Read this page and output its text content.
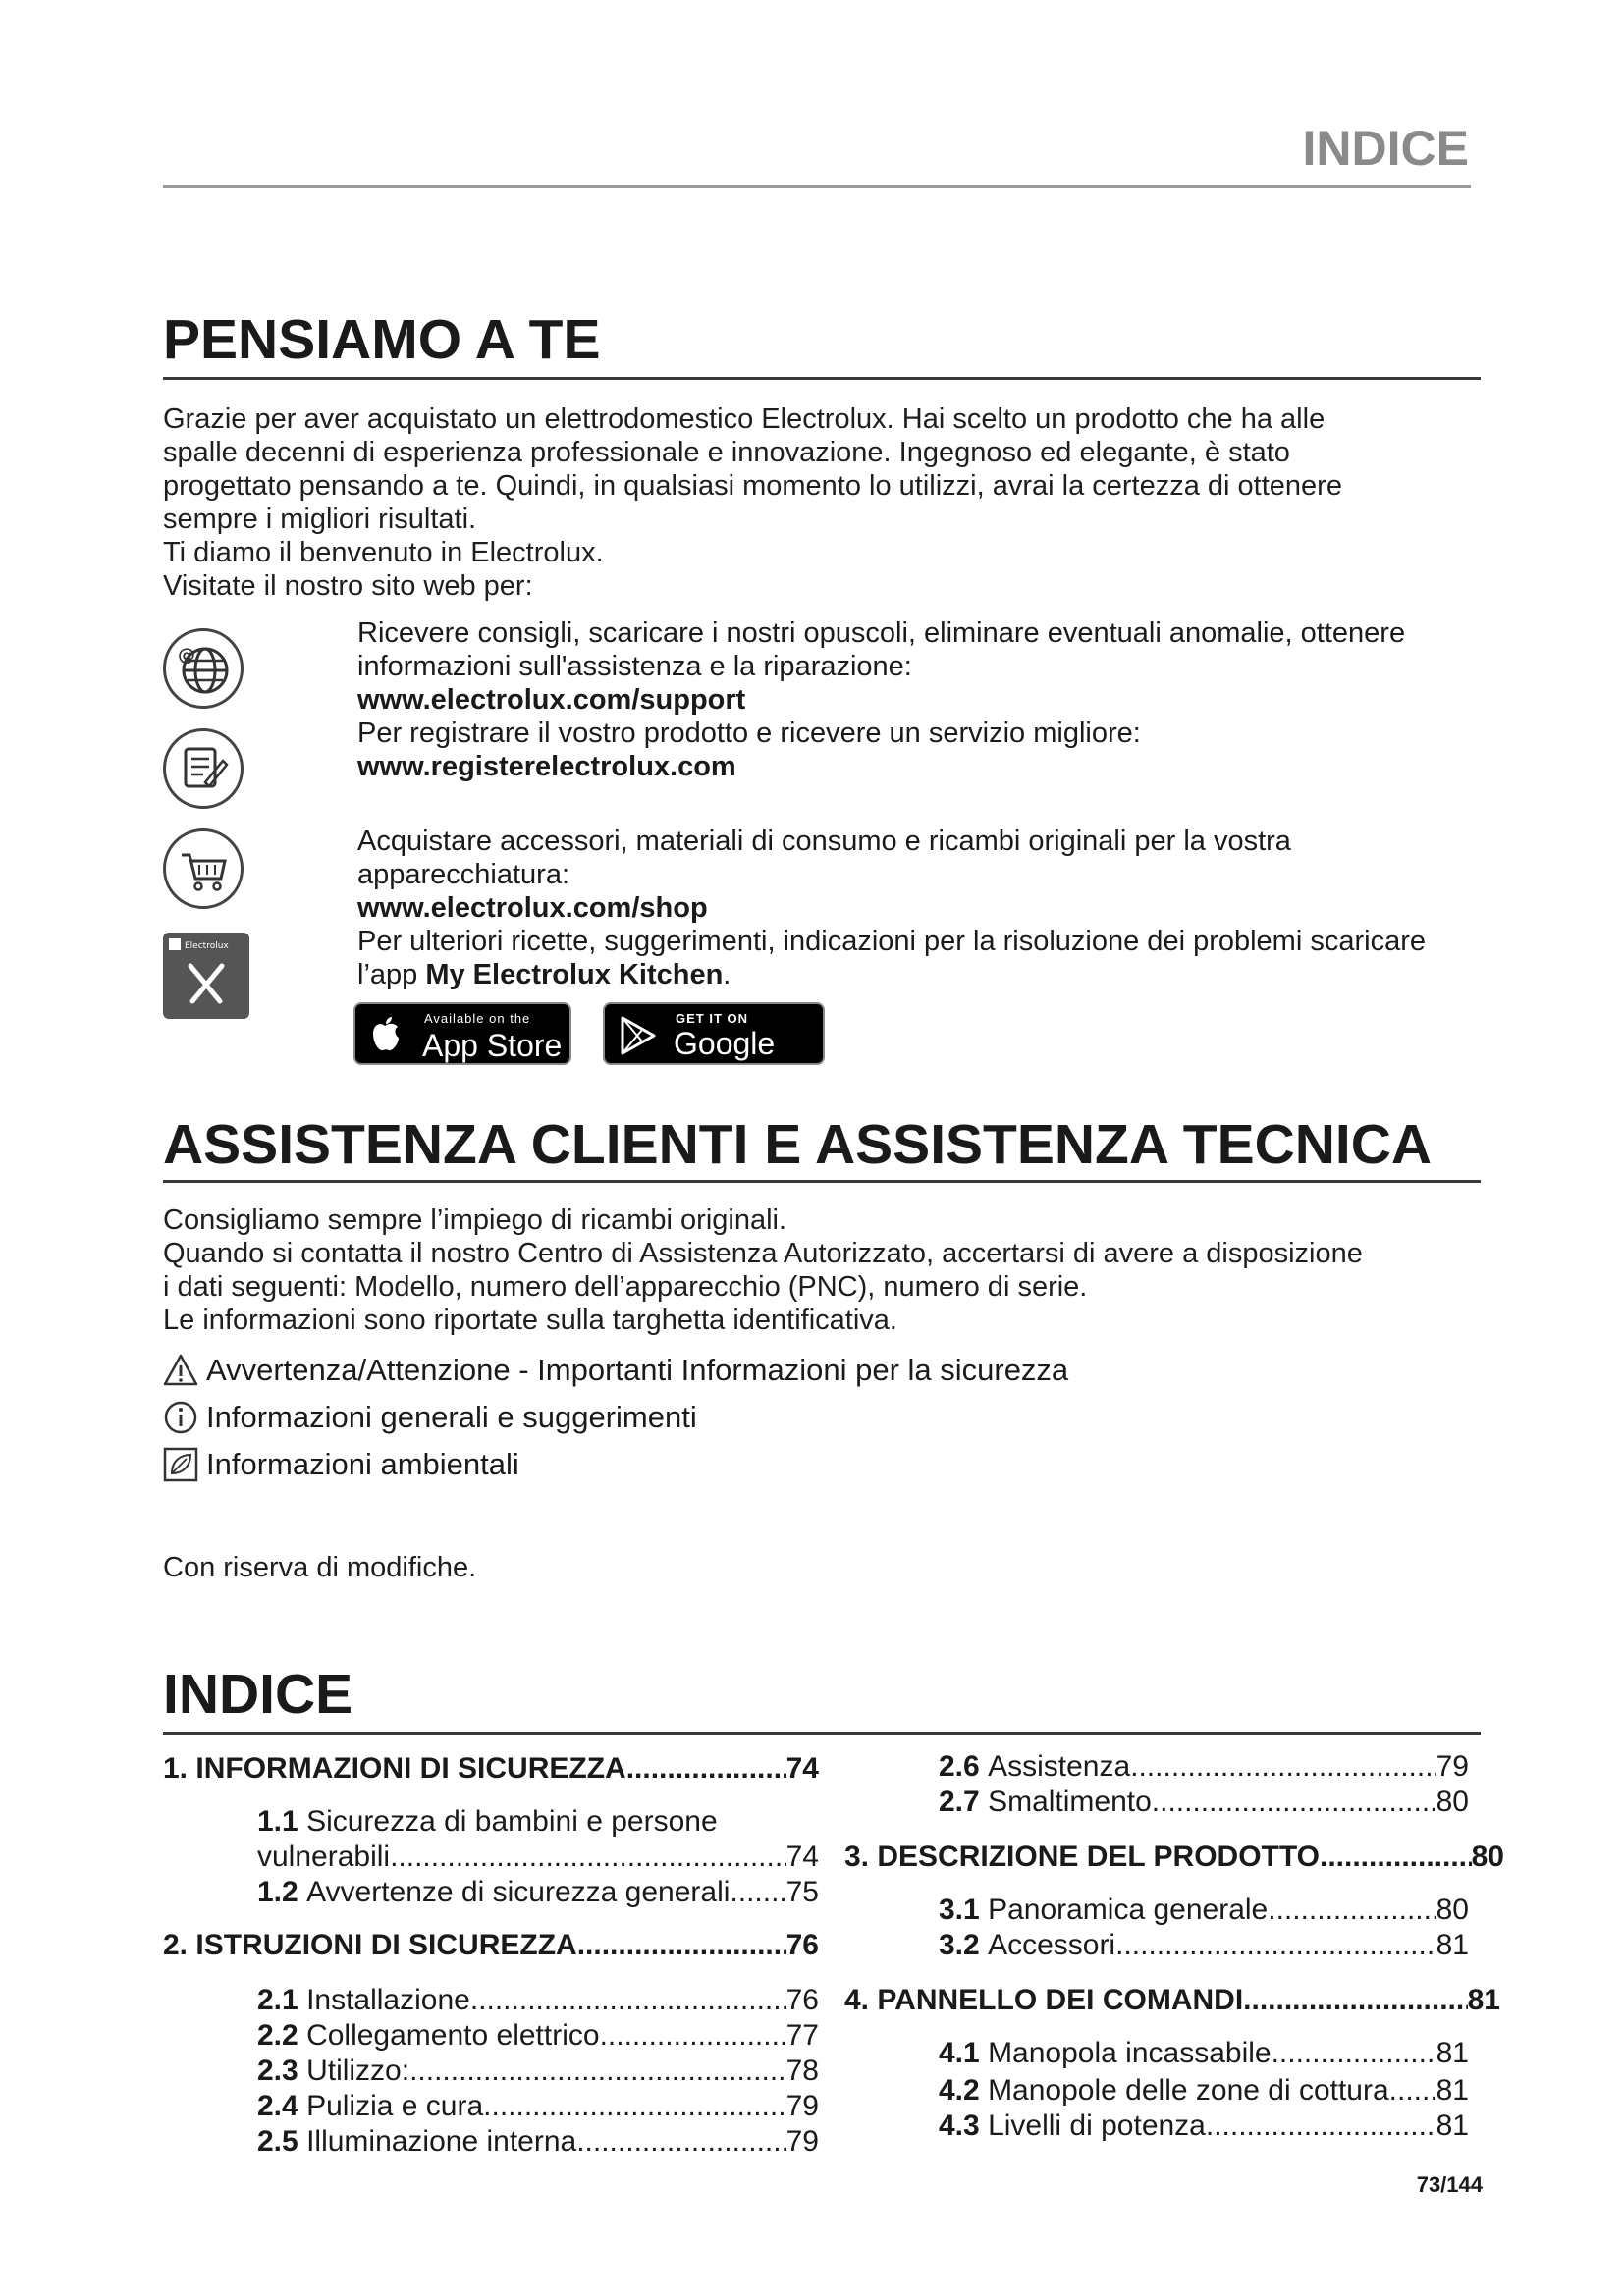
INDICE
PENSIAMO A TE

Grazie per aver acquistato un elettrodomestico Electrolux. Hai scelto un prodotto che ha alle

spalle decenni di esperienza professionale e innovazione. Ingegnoso ed elegante, è stato

progettato pensando a te. Quindi, in qualsiasi momento lo utilizzi, avrai la certezza di ottenere

sempre i migliori risultati.

Ti diamo il benvenuto in Electrolux.

Visitate il nostro sito web per:

@
Electrolux

Ricevere consigli, scaricare i nostri opuscoli, eliminare eventuali anomalie, ottenere

informazioni sull'assistenza e la riparazione:

www.electrolux.com/support

Per registrare il vostro prodotto e ricevere un servizio migliore:

www.registerelectrolux.com

Acquistare accessori, materiali di consumo e ricambi originali per la vostra

apparecchiatura:

www.electrolux.com/shop

Per ulteriori ricette, suggerimenti, indicazioni per la risoluzione dei problemi scaricare

l’app My Electrolux Kitchen.

Available on the
App Store
GET IT ON
Google Play
ASSISTENZA CLIENTI E ASSISTENZA TECNICA

Consigliamo sempre l’impiego di ricambi originali.

Quando si contatta il nostro Centro di Assistenza Autorizzato, accertarsi di avere a disposizione

i dati seguenti: Modello, numero dell’apparecchio (PNC), numero di serie.

Le informazioni sono riportate sulla targhetta identificativa.

Avvertenza/Attenzione - Importanti Informazioni per la sicurezza
Informazioni generali e suggerimenti
Informazioni ambientali
Con riserva di modifiche.
INDICE
1.
INFORMAZIONI DI SICUREZZA .....	74
1.1
Sicurezza di bambini e persone
vulnerabili .....	74
1.2
Avvertenze di sicurezza generali ..... 75
2.
ISTRUZIONI DI SICUREZZA .....	76
2.1
Installazione .....	76
2.2
Collegamento elettrico .....	77
2.3
Utilizzo: .....	78
2.4
Pulizia e cura .....	79
2.5
Illuminazione interna .....	79
2.6
Assistenza .....	79
2.7
Smaltimento .....	80
3.
DESCRIZIONE DEL PRODOTTO .....	80
3.1
Panoramica generale .....	80
3.2
Accessori .....	81
4.
PANNELLO DEI COMANDI .....	81
4.1
Manopola incassabile .....	81
4.2
Manopole delle zone di cottura ..... 81
4.3
Livelli di potenza .....	81
73/144
